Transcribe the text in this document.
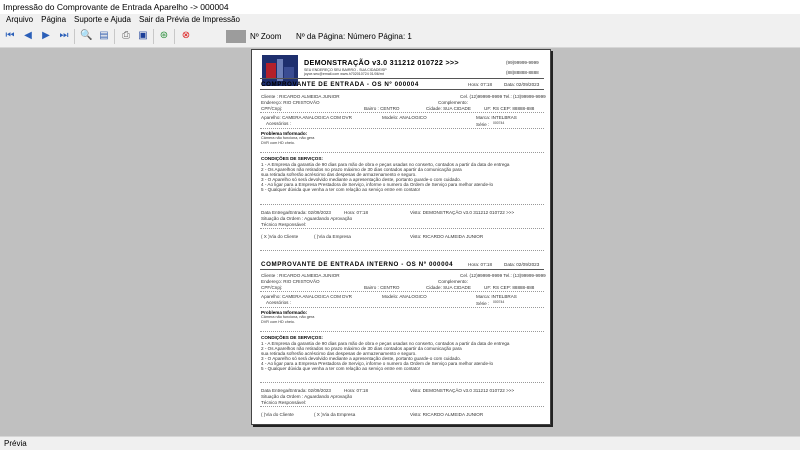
Impressão do Comprovante de Entrada Aparelho -> 000004
Arquivo	Página	Suporte e Ajuda	Sair da Prévia de Impressão
⏮ ◀ ▶ ⏭ 🔍 ▤ ⎙ ▣ ⊛ ⊗	Nº Zoom Nº da Página: Número Página: 1
DEMONSTRAÇÃO v3.0 311212 010722 >>>
SEU ENDEREÇO SEU BAIRRO - SUA CIDADE/SP
joyce.seu@email.com www.h702010724 01/06/mt
(99)99999-9999
(88)88888-8888
COMPROVANTE DE ENTRADA - OS Nº 000004	Hora: 07:18	Data: 02/09/2023
Cliente : RICARDO ALMEIDA JUNIOR	Cel. (12)99999-9999 Tel.: (13)99999-9999
Endereço: RIO CRISTOVÃO	Complemento:
CPF/Cnpj:	Bairro : CENTRO	Cidade: SUA CIDADE	UF: RS CEP: 88888-888
Aparelho: CAMERA ANALOGICA COM DVR	Modelo: ANALOGICO	Marca: INTELBRAS
Acessórios :	Série : 000744
Problema Informado:
Câmera não funciona, não gera
DVR com HD cheio.
CONDIÇÕES DE SERVIÇOS:
1 - A Empresa da garantia de 90 dias para mão de obra e peças usadas no conserto, contados a partir da data de entrega
2 - Os Aparelhos não retirados no prazo máximo de 30 dias contados apartir da comunicação para
sua retirada sofrerão acréscimo das despesas de armazenamento e seguro.
3 - O Aparelho só será devolvido mediante a apresentação deste, portanto guarde-o com cuidado.
4 - Ao ligar para a Empresa Prestadora de Serviço, informe o numero da Ordem de Serviço para melhor atende-lo
5 - Qualquer dúvida que venha a ter com relação ao serviço entre em contato!
Data Entrega/Entrada: 02/09/2023	Hora: 07:18	Visto: DEMONSTRAÇÃO v3.0 311212 010722 >>>
Situação da Ordem : Aguardando Aprovação
Técnico Responsável:
( X )Via do Cliente	( )Via da Empresa	Visto: RICARDO ALMEIDA JUNIOR
COMPROVANTE DE ENTRADA INTERNO - OS Nº 000004	Hora: 07:18	Data: 02/09/2023
Cliente : RICARDO ALMEIDA JUNIOR	Cel. (12)99999-9999 Tel.: (13)99999-9999
Endereço: RIO CRISTOVÃO	Complemento:
CPF/Cnpj:	Bairro : CENTRO	Cidade: SUA CIDADE	UF: RS CEP: 88888-888
Aparelho: CAMERA ANALOGICA COM DVR	Modelo: ANALOGICO	Marca: INTELBRAS
Acessórios :	Série : 000744
Problema Informado:
Câmera não funciona, não gera
DVR com HD cheio.
CONDIÇÕES DE SERVIÇOS:
1 - A Empresa da garantia de 90 dias para mão de obra e peças usadas no conserto, contados a partir da data de entrega
2 - Os Aparelhos não retirados no prazo máximo de 30 dias contados apartir da comunicação para
sua retirada sofrerão acréscimo das despesas de armazenamento e seguro.
3 - O Aparelho só será devolvido mediante a apresentação deste, portanto guarde-o com cuidado.
4 - Ao ligar para a Empresa Prestadora de Serviço, informe o numero da Ordem de Serviço para melhor atende-lo
5 - Qualquer dúvida que venha a ter com relação ao serviço entre em contato!
Data Entrega/Entrada: 02/09/2023	Hora: 07:18	Visto: DEMONSTRAÇÃO v3.0 311212 010722 >>>
Situação da Ordem : Aguardando Aprovação
Técnico Responsável:
( )Via do Cliente	( X )Via da Empresa	Visto: RICARDO ALMEIDA JUNIOR
Prévia
